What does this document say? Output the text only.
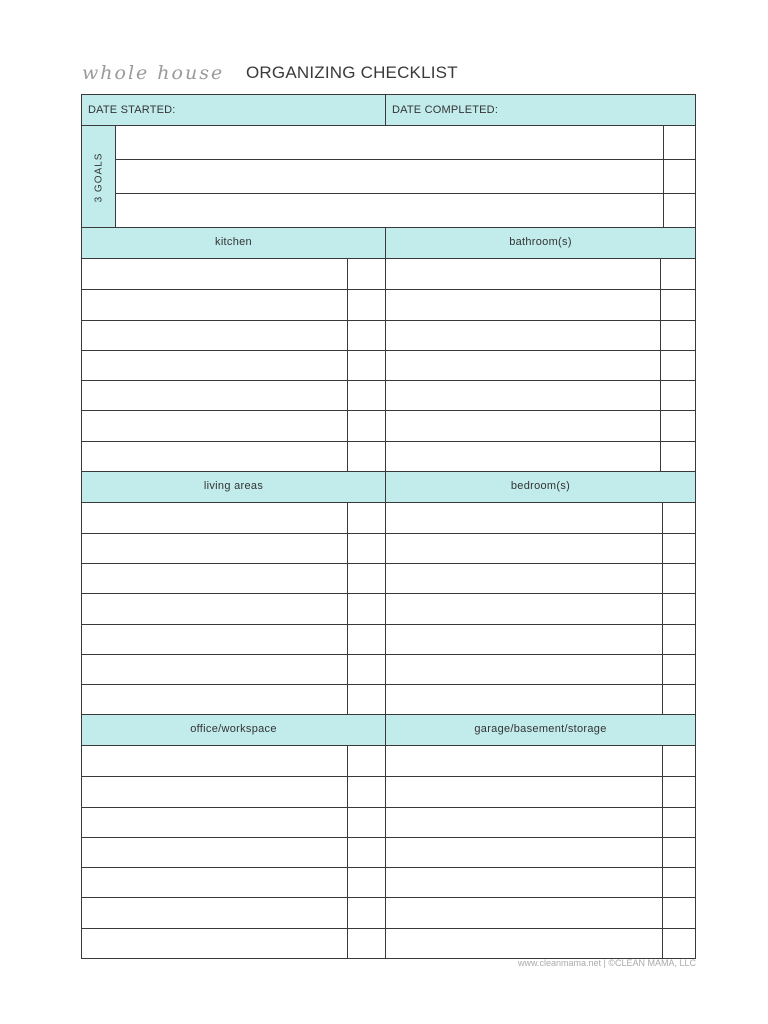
whole house ORGANIZING CHECKLIST
DATE STARTED:	DATE COMPLETED:
3 GOALS
kitchen	bathroom(s)
living areas	bedroom(s)
office/workspace	garage/basement/storage
www.cleanmama.net | ©CLEAN MAMA, LLC
